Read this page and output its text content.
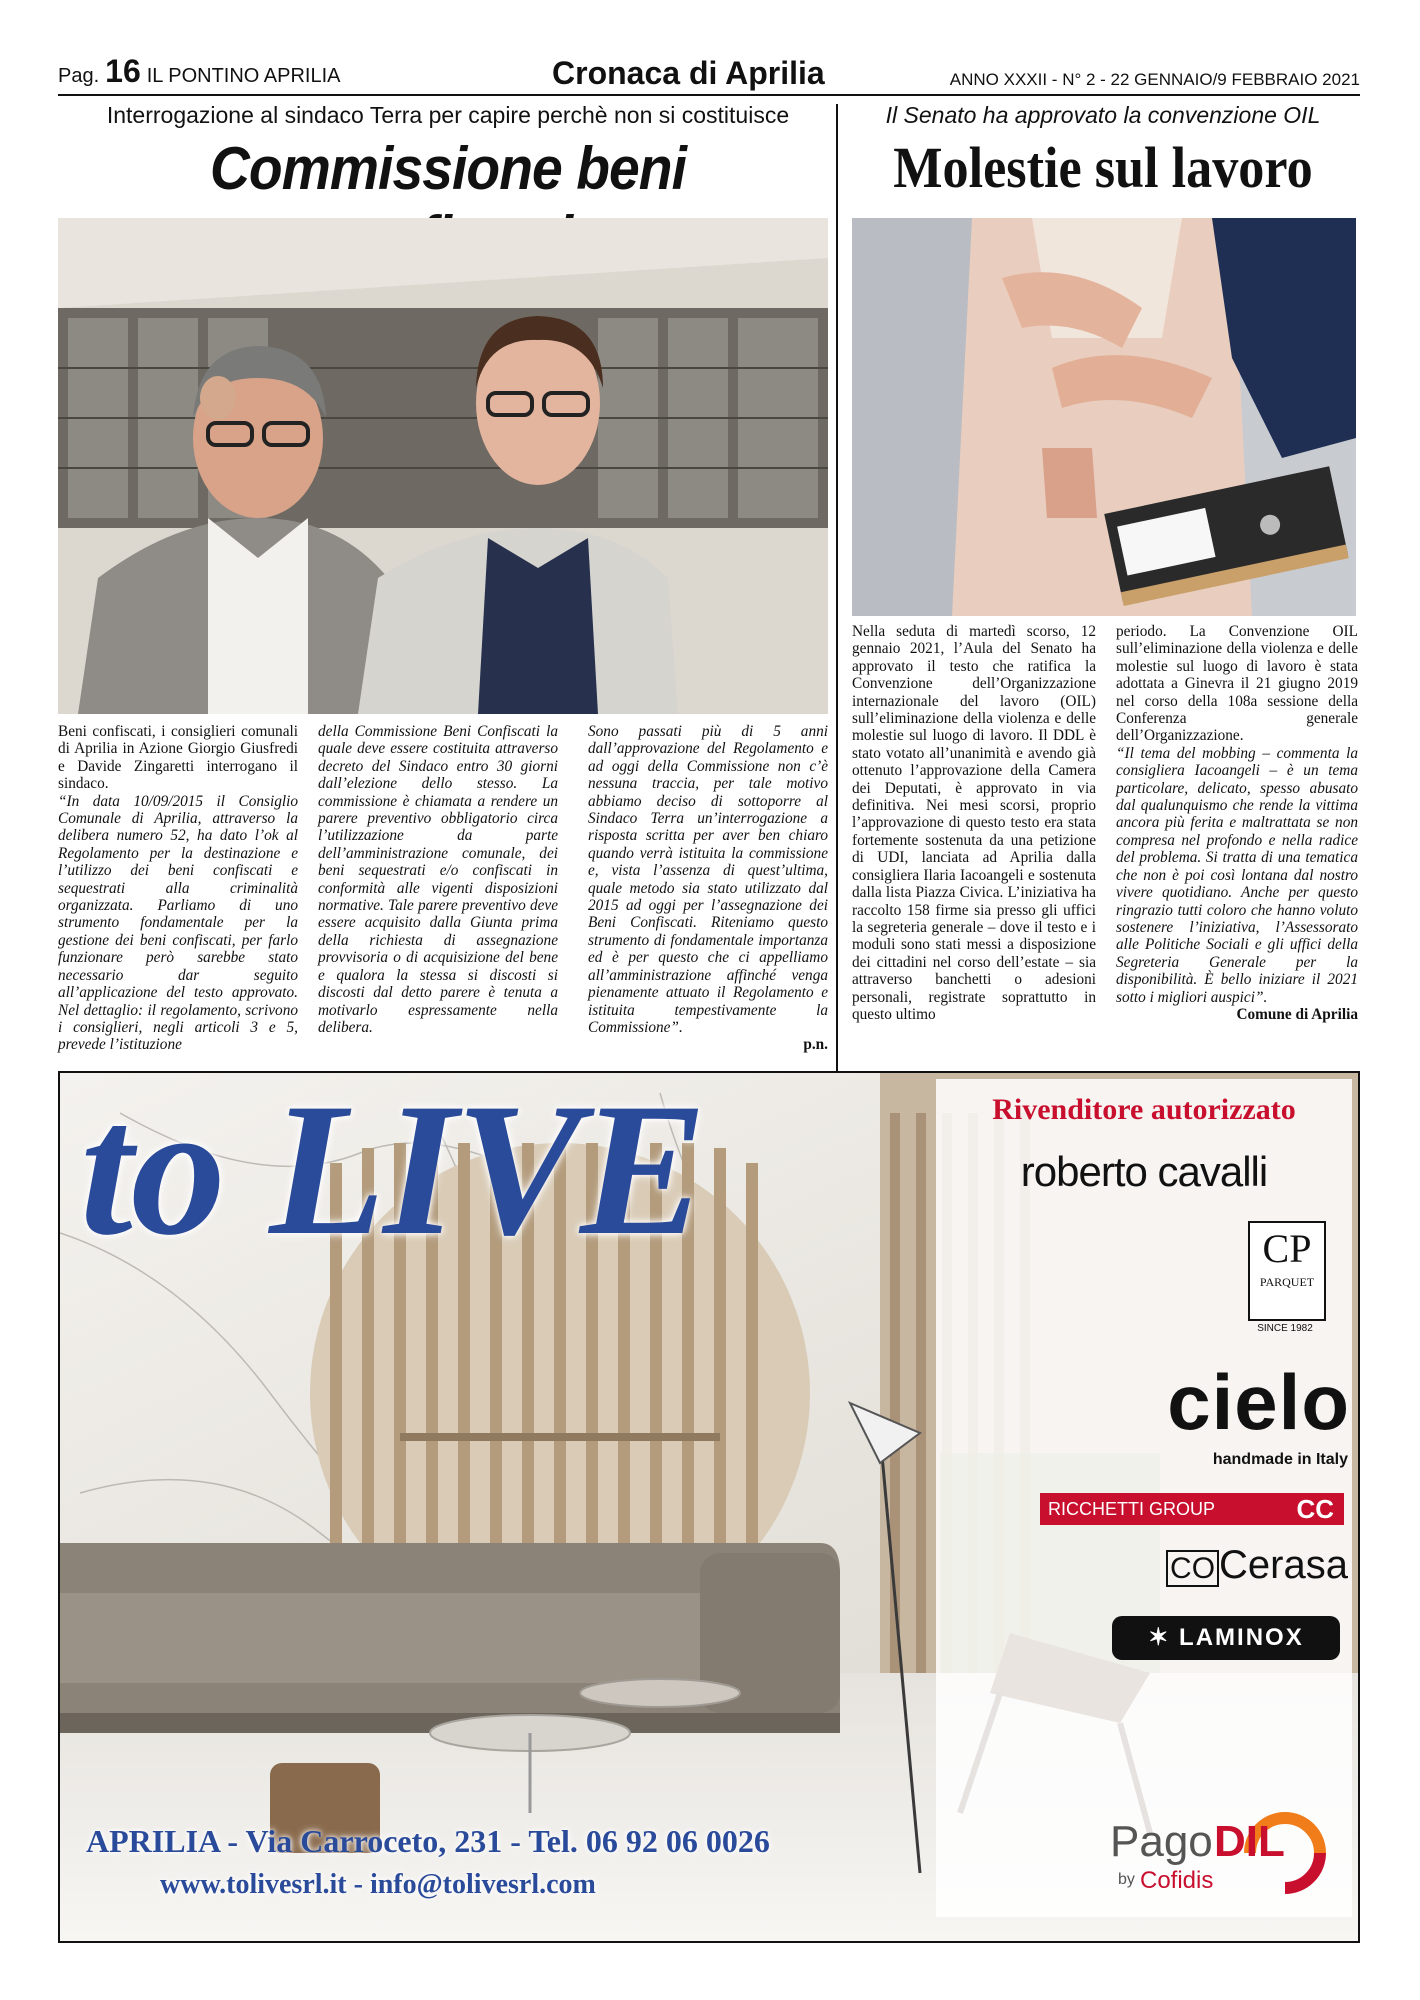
Pag. 16 IL PONTINO APRILIA	Cronaca di Aprilia	ANNO XXXII - N° 2 - 22 GENNAIO/9 FEBBRAIO 2021
Interrogazione al sindaco Terra per capire perchè non si costituisce
Commissione beni

Beni confiscati, i consiglieri comunali di Aprilia in Azione Giorgio Giusfredi e Davide Zingaretti interrogano il sindaco.

“In data 10/09/2015 il Consiglio Comunale di Aprilia, attraverso la delibera numero 52, ha dato l’ok al Regolamento per la destinazione e l’utilizzo dei beni confiscati e sequestrati alla criminalità organizzata. Parliamo di uno strumento fondamentale per la gestione dei beni confiscati, per farlo funzionare però sarebbe stato necessario dar seguito all’applicazione del testo approvato. Nel dettaglio: il regolamento, scrivono i consiglieri, negli articoli 3 e 5, prevede l’istituzione

della Commissione Beni Confiscati la quale deve essere costituita attraverso decreto del Sindaco entro 30 giorni dall’elezione dello stesso. La commissione è chiamata a rendere un parere preventivo obbligatorio circa l’utilizzazione da parte dell’amministrazione comunale, dei beni sequestrati e/o confiscati in conformità alle vigenti disposizioni normative. Tale parere preventivo deve essere acquisito dalla Giunta prima della richiesta di assegnazione provvisoria o di acquisizione del bene e qualora la stessa si discosti si discosti dal detto parere è tenuta a motivarlo espressamente nella delibera.

Sono passati più di 5 anni dall’approvazione del Regolamento e ad oggi della Commissione non c’è nessuna traccia, per tale motivo abbiamo deciso di sottoporre al Sindaco Terra un’interrogazione a risposta scritta per aver ben chiaro quando verrà istituita la commissione e, vista l’assenza di quest’ultima, quale metodo sia stato utilizzato dal 2015 ad oggi per l’assegnazione dei Beni Confiscati. Riteniamo questo strumento di fondamentale importanza ed è per questo che ci appelliamo all’amministrazione affinché venga pienamente attuato il Regolamento e istituita tempestivamente la Commissione”.

p.n.

Il Senato ha approvato la convenzione OIL
Molestie sul lavoro

Nella seduta di martedì scorso, 12 gennaio 2021, l’Aula del Senato ha approvato il testo che ratifica la Convenzione dell’Organizzazione internazionale del lavoro (OIL) sull’eliminazione della violenza e delle molestie sul luogo di lavoro. Il DDL è stato votato all’unanimità e avendo già ottenuto l’approvazione della Camera dei Deputati, è approvato in via definitiva. Nei mesi scorsi, proprio l’approvazione di questo testo era stata fortemente sostenuta da una petizione di UDI, lanciata ad Aprilia dalla consigliera Ilaria Iacoangeli e sostenuta dalla lista Piazza Civica. L’iniziativa ha raccolto 158 firme sia presso gli uffici la segreteria generale – dove il testo e i moduli sono stati messi a disposizione dei cittadini nel corso dell’estate – sia attraverso banchetti o adesioni personali, registrate soprattutto in questo ultimo

periodo. La Convenzione OIL sull’eliminazione della violenza e delle molestie sul luogo di lavoro è stata adottata a Ginevra il 21 giugno 2019 nel corso della 108a sessione della Conferenza generale dell’Organizzazione.

“Il tema del mobbing – commenta la consigliera Iacoangeli – è un tema particolare, delicato, spesso abusato dal qualunquismo che rende la vittima ancora più ferita e maltrattata se non compresa nel profondo e nella radice del problema. Si tratta di una tematica che non è poi così lontana dal nostro vivere quotidiano. Anche per questo ringrazio tutti coloro che hanno voluto sostenere l’iniziativa, l’Assessorato alle Politiche Sociali e gli uffici della Segreteria Generale per la disponibilità. È bello iniziare il 2021 sotto i migliori auspici”.

Comune di Aprilia

to LIVE	Rivenditore autorizzato
roberto cavalli
CP
PARQUET
SINCE 1982
cielo
handmade in Italy
RICCHETTI GROUP	CC
CO Cerasa
✶ LAMINOX
Pago DIL
by Cofidis
APRILIA - Via Carroceto, 231 - Tel. 06 92 06 0026
www.tolivesrl.it - info@tolivesrl.com
